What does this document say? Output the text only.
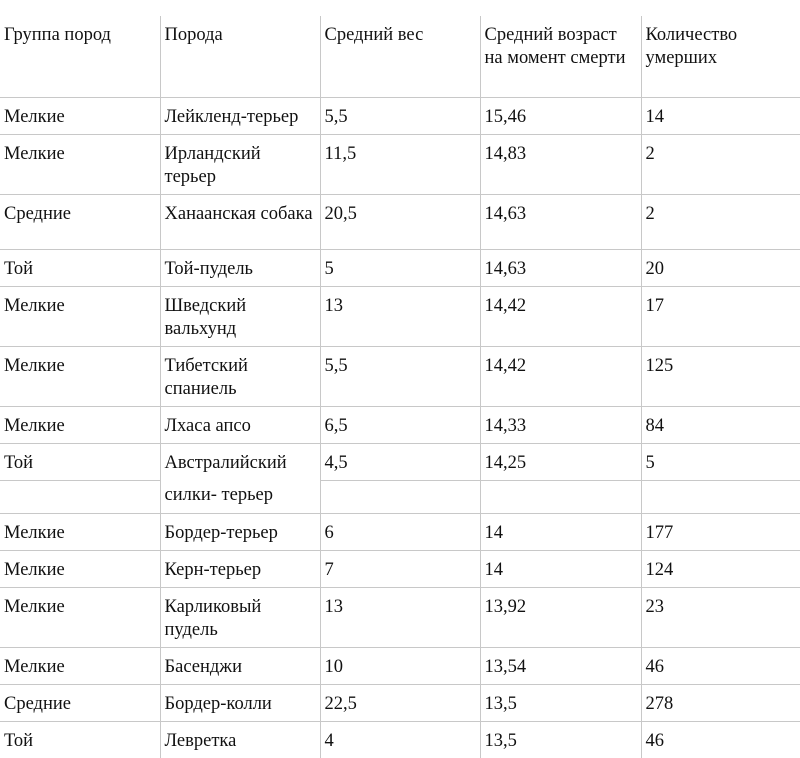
Группа пород	Порода	Средний вес	Средний возраст на момент смерти	Количество умерших
Мелкие	Лейкленд-терьер	5,5	15,46	14
Мелкие	Ирландский терьер	11,5	14,83	2
Средние	Ханаанская собака	20,5	14,63	2
Той	Той-пудель	5	14,63	20
Мелкие	Шведский вальхунд	13	14,42	17
Мелкие	Тибетский спаниель	5,5	14,42	125
Мелкие	Лхаса апсо	6,5	14,33	84
Той	Австралийский	4,5	14,25	5
	силки- терьер			
Мелкие	Бордер-терьер	6	14	177
Мелкие	Керн-терьер	7	14	124
Мелкие	Карликовый пудель	13	13,92	23
Мелкие	Басенджи	10	13,54	46
Средние	Бордер-колли	22,5	13,5	278
Той	Левретка	4	13,5	46
